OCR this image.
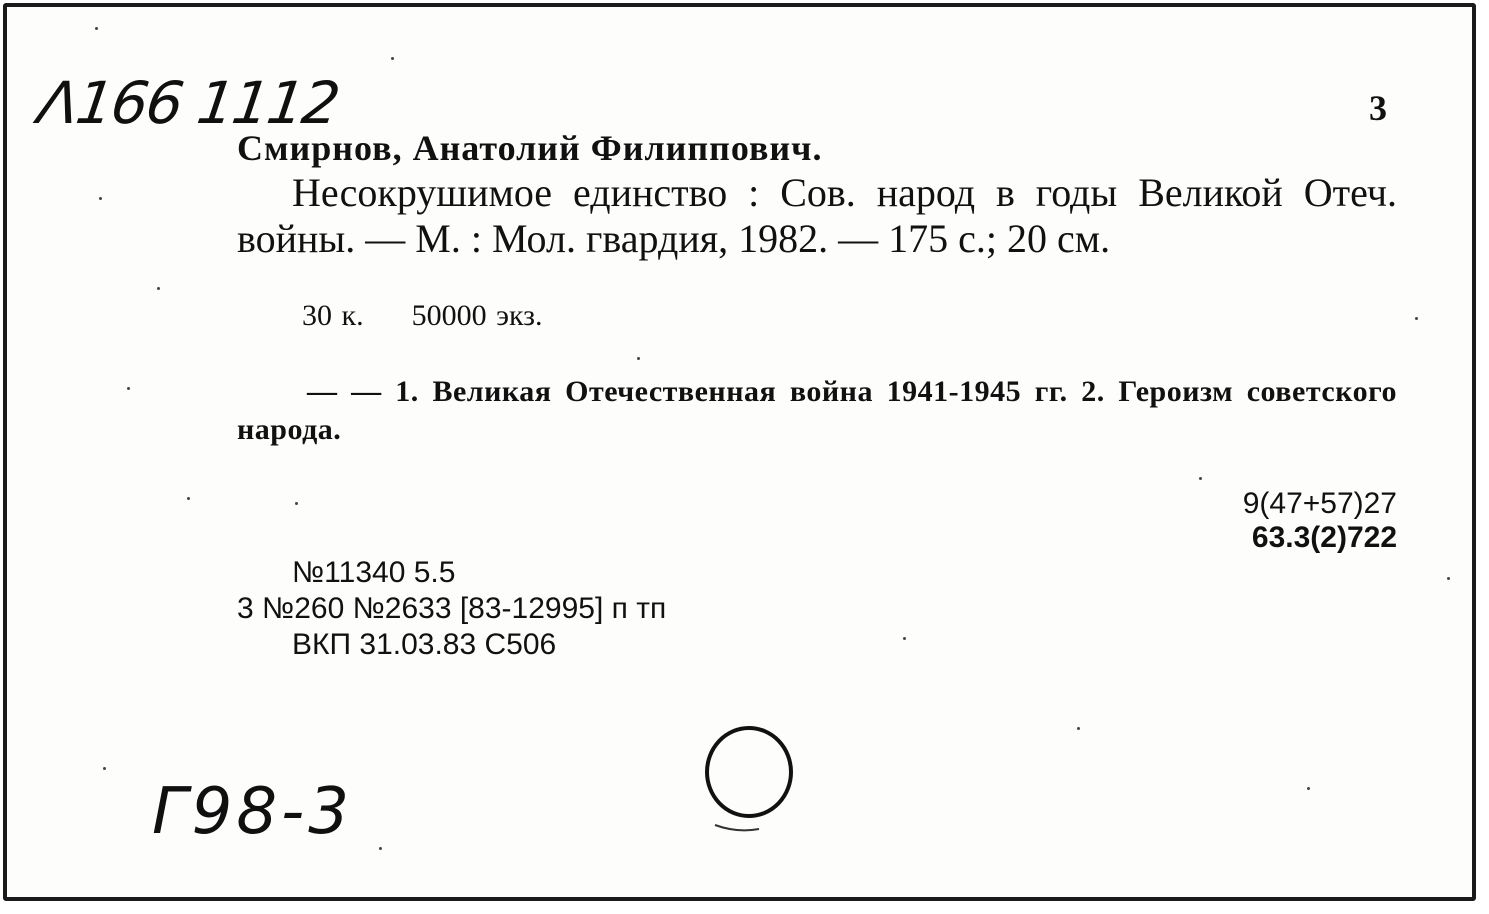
Λ166 1112	3
Смирнов, Анатолий Филиппович.
Несокрушимое единство : Сов. народ в годы Великой Отеч. войны. — М. : Мол. гвардия, 1982. — 175 с.; 20 см.
30 к. 50000 экз.
— — 1. Великая Отечественная война 1941-1945 гг. 2. Героизм советского народа.
9(47+57)27
63.3(2)722
№11340 5.5
3 №260 №2633 [83-12995] п тп
ВКП 31.03.83 С506
Г98-3
